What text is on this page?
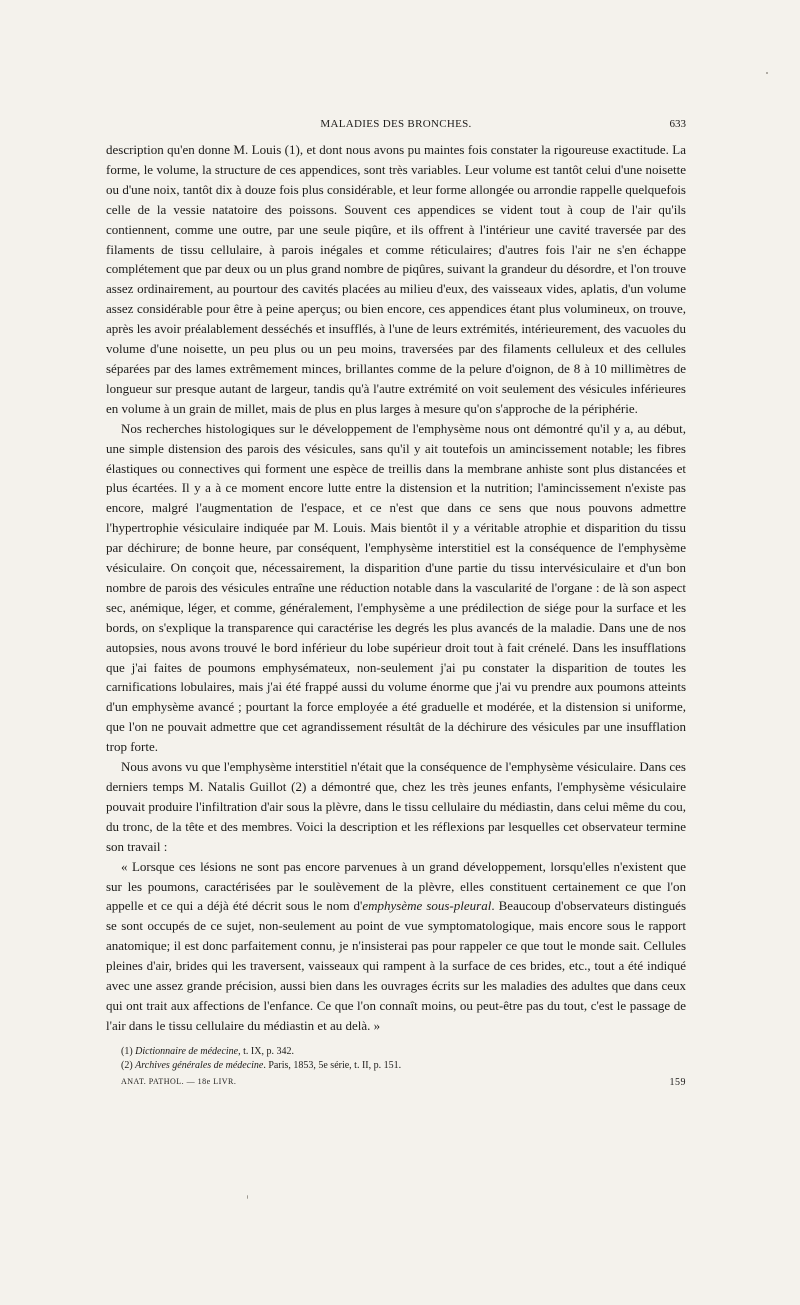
MALADIES DES BRONCHES.	633

description qu'en donne M. Louis (1), et dont nous avons pu maintes fois constater la rigoureuse exactitude. La forme, le volume, la structure de ces appendices, sont très variables. Leur volume est tantôt celui d'une noisette ou d'une noix, tantôt dix à douze fois plus considérable, et leur forme allongée ou arrondie rappelle quelquefois celle de la vessie natatoire des poissons. Souvent ces appendices se vident tout à coup de l'air qu'ils contiennent, comme une outre, par une seule piqûre, et ils offrent à l'intérieur une cavité traversée par des filaments de tissu cellulaire, à parois inégales et comme réticulaires; d'autres fois l'air ne s'en échappe complétement que par deux ou un plus grand nombre de piqûres, suivant la grandeur du désordre, et l'on trouve assez ordinairement, au pourtour des cavités placées au milieu d'eux, des vaisseaux vides, aplatis, d'un volume assez considérable pour être à peine aperçus; ou bien encore, ces appendices étant plus volumineux, on trouve, après les avoir préalablement desséchés et insufflés, à l'une de leurs extrémités, intérieurement, des vacuoles du volume d'une noisette, un peu plus ou un peu moins, traversées par des filaments celluleux et des cellules séparées par des lames extrêmement minces, brillantes comme de la pelure d'oignon, de 8 à 10 millimètres de longueur sur presque autant de largeur, tandis qu'à l'autre extrémité on voit seulement des vésicules inférieures en volume à un grain de millet, mais de plus en plus larges à mesure qu'on s'approche de la périphérie.

Nos recherches histologiques sur le développement de l'emphysème nous ont démontré qu'il y a, au début, une simple distension des parois des vésicules, sans qu'il y ait toutefois un amincissement notable; les fibres élastiques ou connectives qui forment une espèce de treillis dans la membrane anhiste sont plus distancées et plus écartées. Il y a à ce moment encore lutte entre la distension et la nutrition; l'amincissement n'existe pas encore, malgré l'augmentation de l'espace, et ce n'est que dans ce sens que nous pouvons admettre l'hypertrophie vésiculaire indiquée par M. Louis. Mais bientôt il y a véritable atrophie et disparition du tissu par déchirure; de bonne heure, par conséquent, l'emphysème interstitiel est la conséquence de l'emphysème vésiculaire. On conçoit que, nécessairement, la disparition d'une partie du tissu intervésiculaire et d'un bon nombre de parois des vésicules entraîne une réduction notable dans la vascularité de l'organe : de là son aspect sec, anémique, léger, et comme, généralement, l'emphysème a une prédilection de siége pour la surface et les bords, on s'explique la transparence qui caractérise les degrés les plus avancés de la maladie. Dans une de nos autopsies, nous avons trouvé le bord inférieur du lobe supérieur droit tout à fait crénelé. Dans les insufflations que j'ai faites de poumons emphysémateux, non-seulement j'ai pu constater la disparition de toutes les carnifications lobulaires, mais j'ai été frappé aussi du volume énorme que j'ai vu prendre aux poumons atteints d'un emphysème avancé ; pourtant la force employée a été graduelle et modérée, et la distension si uniforme, que l'on ne pouvait admettre que cet agrandissement résultât de la déchirure des vésicules par une insufflation trop forte.

Nous avons vu que l'emphysème interstitiel n'était que la conséquence de l'emphysème vésiculaire. Dans ces derniers temps M. Natalis Guillot (2) a démontré que, chez les très jeunes enfants, l'emphysème vésiculaire pouvait produire l'infiltration d'air sous la plèvre, dans le tissu cellulaire du médiastin, dans celui même du cou, du tronc, de la tête et des membres. Voici la description et les réflexions par lesquelles cet observateur termine son travail :

« Lorsque ces lésions ne sont pas encore parvenues à un grand développement, lorsqu'elles n'existent que sur les poumons, caractérisées par le soulèvement de la plèvre, elles constituent certainement ce que l'on appelle et ce qui a déjà été décrit sous le nom d'emphysème sous-pleural. Beaucoup d'observateurs distingués se sont occupés de ce sujet, non-seulement au point de vue symptomatologique, mais encore sous le rapport anatomique; il est donc parfaitement connu, je n'insisterai pas pour rappeler ce que tout le monde sait. Cellules pleines d'air, brides qui les traversent, vaisseaux qui rampent à la surface de ces brides, etc., tout a été indiqué avec une assez grande précision, aussi bien dans les ouvrages écrits sur les maladies des adultes que dans ceux qui ont trait aux affections de l'enfance. Ce que l'on connaît moins, ou peut-être pas du tout, c'est le passage de l'air dans le tissu cellulaire du médiastin et au delà. »

(1) Dictionnaire de médecine, t. IX, p. 342.

(2) Archives générales de médecine. Paris, 1853, 5e série, t. II, p. 151.

ANAT. PATHOL. — 18e LIVR.	159
